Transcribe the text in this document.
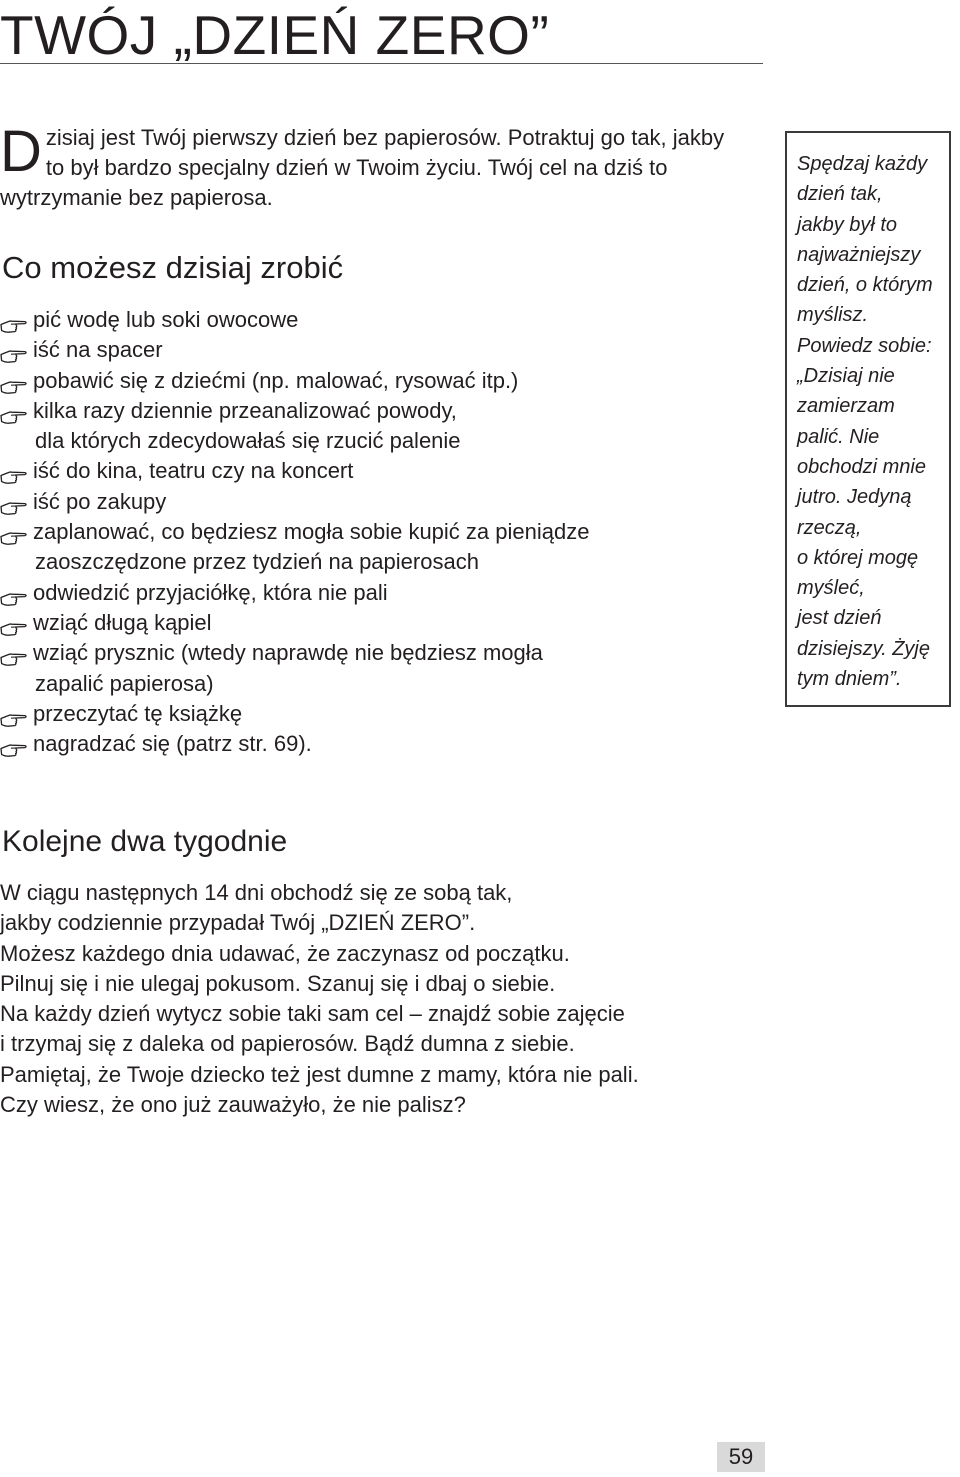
TWÓJ „DZIEŃ ZERO”
D zisiaj jest Twój pierwszy dzień bez papierosów. Potraktuj go tak, jakby to był bardzo specjalny dzień w Twoim życiu. Twój cel na dziś to wytrzymanie bez papierosa.
Co możesz dzisiaj zrobić
pić wodę lub soki owocowe
iść na spacer
pobawić się z dziećmi (np. malować, rysować itp.)
kilka razy dziennie przeanalizować powody,
dla których zdecydowałaś się rzucić palenie
iść do kina, teatru czy na koncert
iść po zakupy
zaplanować, co będziesz mogła sobie kupić za pieniądze
zaoszczędzone przez tydzień na papierosach
odwiedzić przyjaciółkę, która nie pali
wziąć długą kąpiel
wziąć prysznic (wtedy naprawdę nie będziesz mogła
zapalić papierosa)
przeczytać tę książkę
nagradzać się (patrz str. 69).
Spędzaj każdy
dzień tak,
jakby był to
najważniejszy
dzień, o którym
myślisz.
Powiedz sobie:
„Dzisiaj nie
zamierzam
palić. Nie
obchodzi mnie
jutro. Jedyną
rzeczą,
o której mogę
myśleć,
jest dzień
dzisiejszy. Żyję
tym dniem”.
Kolejne dwa tygodnie
W ciągu następnych 14 dni obchodź się ze sobą tak,
jakby codziennie przypadał Twój „DZIEŃ ZERO”.
Możesz każdego dnia udawać, że zaczynasz od początku.
Pilnuj się i nie ulegaj pokusom. Szanuj się i dbaj o siebie.
Na każdy dzień wytycz sobie taki sam cel – znajdź sobie zajęcie
i trzymaj się z daleka od papierosów. Bądź dumna z siebie.
Pamiętaj, że Twoje dziecko też jest dumne z mamy, która nie pali.
Czy wiesz, że ono już zauważyło, że nie palisz?
59
